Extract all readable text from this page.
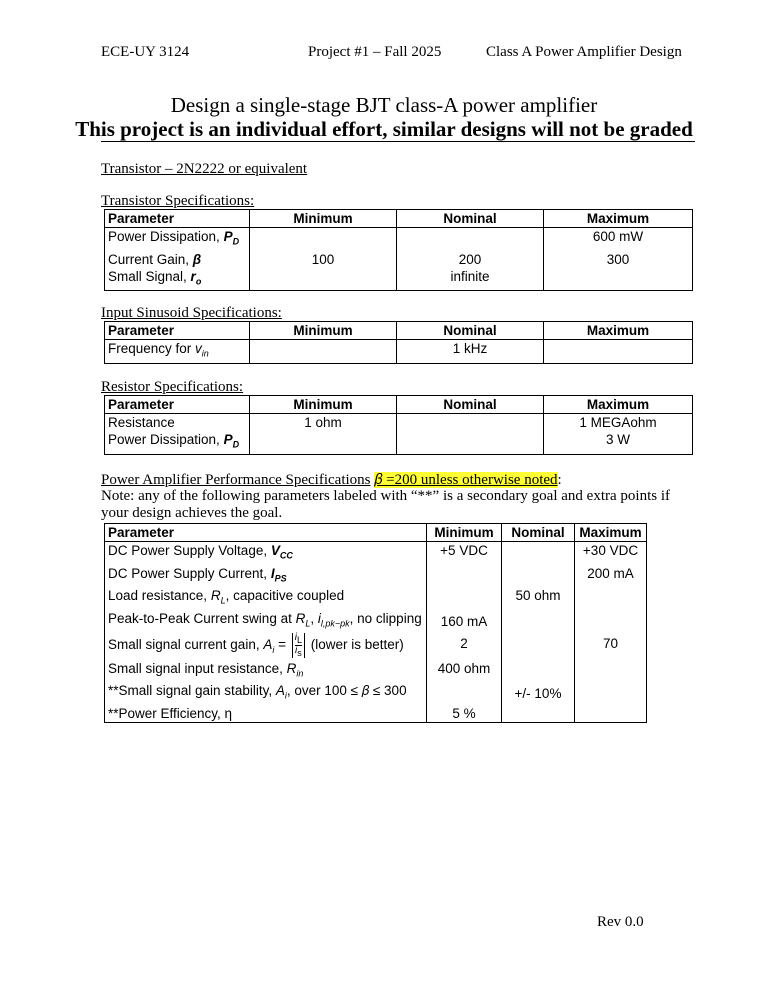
ECE-UY 3124	Project #1 – Fall 2025	Class A Power Amplifier Design
Design a single-stage BJT class-A power amplifier
This project is an individual effort, similar designs will not be graded
Transistor – 2N2222 or equivalent
Transistor Specifications:
Parameter	Minimum	Nominal	Maximum
Power Dissipation, $P_D$			600 mW
Current Gain, β	100	200	300
Small Signal, $r_o$		infinite	
Input Sinusoid Specifications:
Parameter	Minimum	Nominal	Maximum
Frequency for $v_{in}$		1 kHz	
Resistor Specifications:
Parameter	Minimum	Nominal	Maximum
Resistance	1 ohm		1 MEGAohm
Power Dissipation, $P_D$			3 W
Power Amplifier Performance Specifications 𝛽 =200 unless otherwise noted:
Note: any of the following parameters labeled with “**” is a secondary goal and extra points if your design achieves the goal.
Parameter	Minimum	Nominal	Maximum
DC Power Supply Voltage, $V_{CC}$	+5 VDC		+30 VDC
DC Power Supply Current, $I_{PS}$			200 mA
Load resistance, $R_L$, capacitive coupled		50 ohm	
Peak-to-Peak Current swing at $R_L$, $i_{l,pk-pk}$, no clipping	160 mA		
Small signal current gain, $A_i = \frac{i_L}{i_s}$ (lower is better)	2		70
Small signal input resistance, $R_{in}$	400 ohm		
**Small signal gain stability, $A_i$, over 100 ≤ 𝛽 ≤ 300		+/- 10%	
**Power Efficiency, η	5 %		
Rev 0.0
